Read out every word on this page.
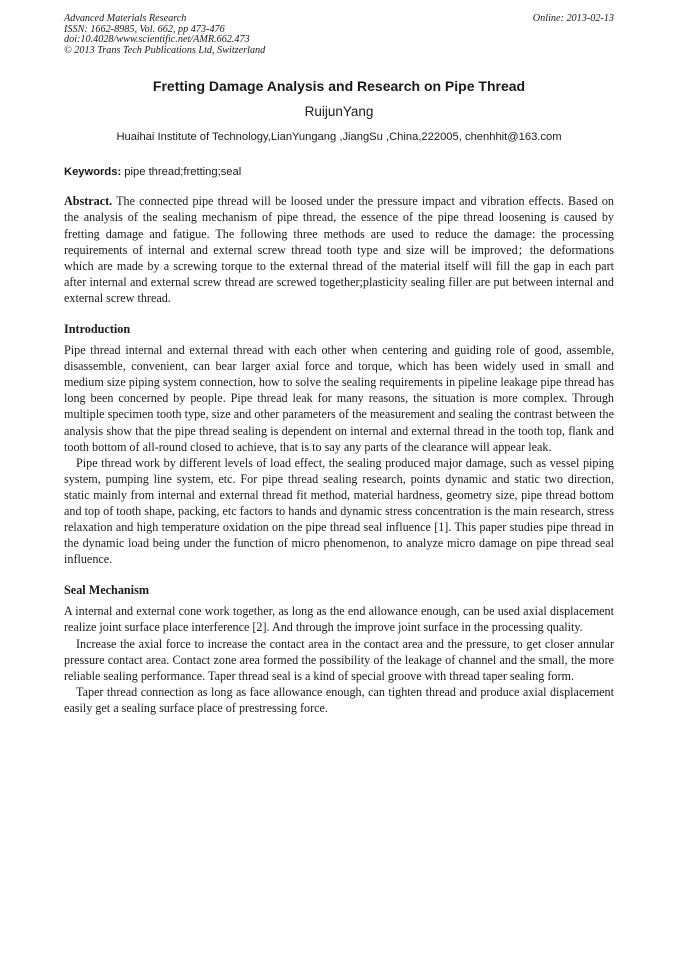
Advanced Materials Research
ISSN: 1662-8985, Vol. 662, pp 473-476
doi:10.4028/www.scientific.net/AMR.662.473
© 2013 Trans Tech Publications Ltd, Switzerland
Online: 2013-02-13
Fretting Damage Analysis and Research on Pipe Thread
RuijunYang
Huaihai Institute of Technology,LianYungang ,JiangSu ,China,222005, chenhhit@163.com
Keywords: pipe thread;fretting;seal

Abstract. The connected pipe thread will be loosed under the pressure impact and vibration effects. Based on the analysis of the sealing mechanism of pipe thread, the essence of the pipe thread loosening is caused by fretting damage and fatigue. The following three methods are used to reduce the damage: the processing requirements of internal and external screw thread tooth type and size will be improved；the deformations which are made by a screwing torque to the external thread of the material itself will fill the gap in each part after internal and external screw thread are screwed together;plasticity sealing filler are put between internal and external screw thread.

Introduction

Pipe thread internal and external thread with each other when centering and guiding role of good, assemble, disassemble, convenient, can bear larger axial force and torque, which has been widely used in small and medium size piping system connection, how to solve the sealing requirements in pipeline leakage pipe thread has long been concerned by people. Pipe thread leak for many reasons, the situation is more complex. Through multiple specimen tooth type, size and other parameters of the measurement and sealing the contrast between the analysis show that the pipe thread sealing is dependent on internal and external thread in the tooth top, flank and tooth bottom of all-round closed to achieve, that is to say any parts of the clearance will appear leak.

Pipe thread work by different levels of load effect, the sealing produced major damage, such as vessel piping system, pumping line system, etc. For pipe thread sealing research, points dynamic and static two direction, static mainly from internal and external thread fit method, material hardness, geometry size, pipe thread bottom and top of tooth shape, packing, etc factors to hands and dynamic stress concentration is the main research, stress relaxation and high temperature oxidation on the pipe thread seal influence [1]. This paper studies pipe thread in the dynamic load being under the function of micro phenomenon, to analyze micro damage on pipe thread seal influence.

Seal Mechanism

A internal and external cone work together, as long as the end allowance enough, can be used axial displacement realize joint surface place interference [2]. And through the improve joint surface in the processing quality.

Increase the axial force to increase the contact area in the contact area and the pressure, to get closer annular pressure contact area. Contact zone area formed the possibility of the leakage of channel and the small, the more reliable sealing performance. Taper thread seal is a kind of special groove with thread taper sealing form.

Taper thread connection as long as face allowance enough, can tighten thread and produce axial displacement easily get a sealing surface place of prestressing force.
